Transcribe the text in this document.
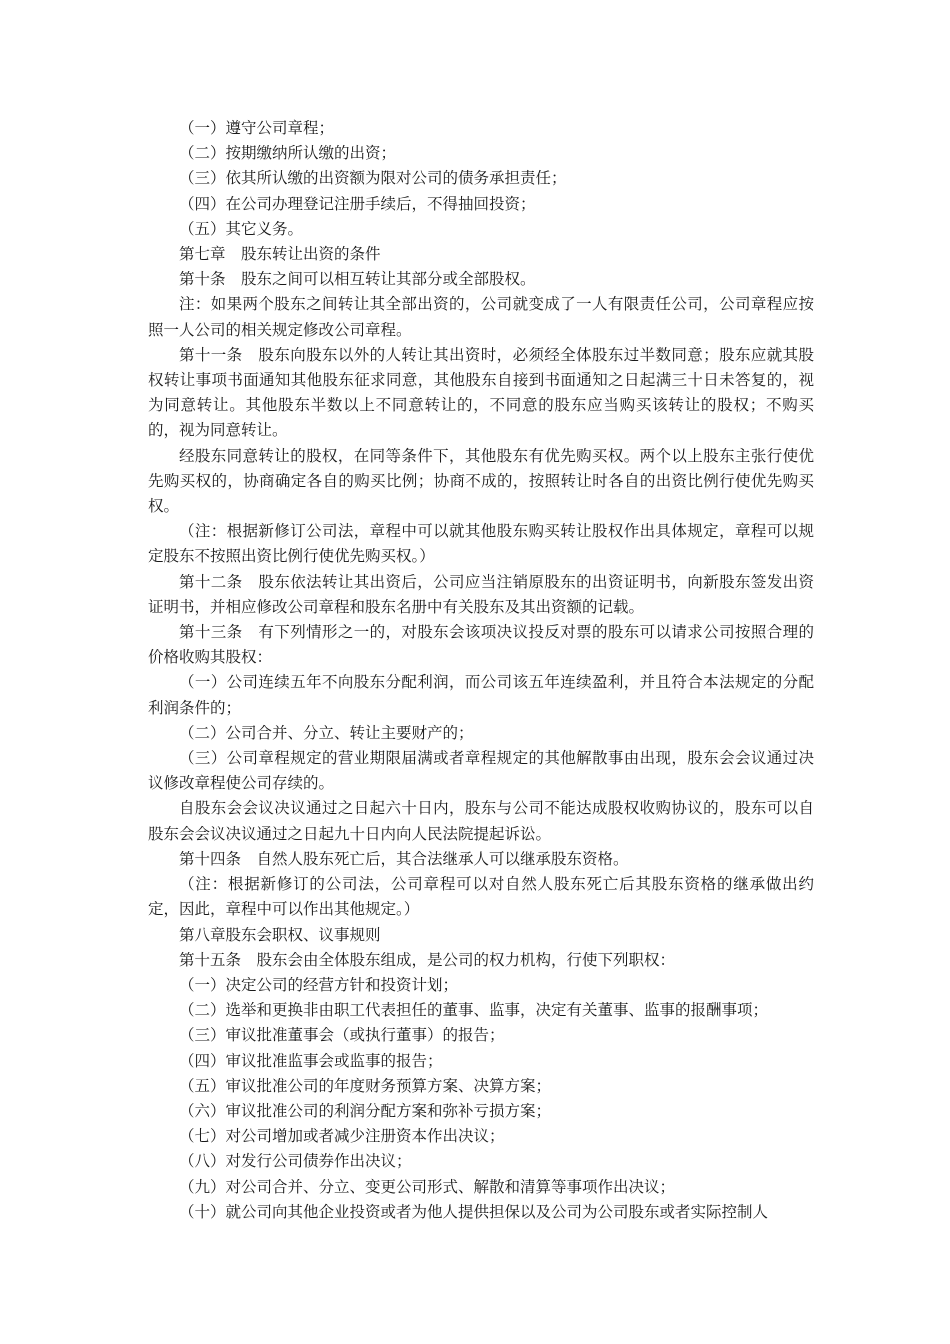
（一）遵守公司章程；

（二）按期缴纳所认缴的出资；

（三）依其所认缴的出资额为限对公司的债务承担责任；

（四）在公司办理登记注册手续后，不得抽回投资；

（五）其它义务。

第七章　股东转让出资的条件

第十条　股东之间可以相互转让其部分或全部股权。

注：如果两个股东之间转让其全部出资的，公司就变成了一人有限责任公司，公司章程应按照一人公司的相关规定修改公司章程。

第十一条　股东向股东以外的人转让其出资时，必须经全体股东过半数同意；股东应就其股权转让事项书面通知其他股东征求同意，其他股东自接到书面通知之日起满三十日未答复的，视为同意转让。其他股东半数以上不同意转让的，不同意的股东应当购买该转让的股权；不购买的，视为同意转让。

经股东同意转让的股权，在同等条件下，其他股东有优先购买权。两个以上股东主张行使优先购买权的，协商确定各自的购买比例；协商不成的，按照转让时各自的出资比例行使优先购买权。

（注：根据新修订公司法，章程中可以就其他股东购买转让股权作出具体规定，章程可以规定股东不按照出资比例行使优先购买权。）

第十二条　股东依法转让其出资后，公司应当注销原股东的出资证明书，向新股东签发出资证明书，并相应修改公司章程和股东名册中有关股东及其出资额的记载。

第十三条　有下列情形之一的，对股东会该项决议投反对票的股东可以请求公司按照合理的价格收购其股权：

（一）公司连续五年不向股东分配利润，而公司该五年连续盈利，并且符合本法规定的分配利润条件的；

（二）公司合并、分立、转让主要财产的；

（三）公司章程规定的营业期限届满或者章程规定的其他解散事由出现，股东会会议通过决议修改章程使公司存续的。

自股东会会议决议通过之日起六十日内，股东与公司不能达成股权收购协议的，股东可以自股东会会议决议通过之日起九十日内向人民法院提起诉讼。

第十四条　自然人股东死亡后，其合法继承人可以继承股东资格。

（注：根据新修订的公司法，公司章程可以对自然人股东死亡后其股东资格的继承做出约定，因此，章程中可以作出其他规定。）

第八章股东会职权、议事规则

第十五条　股东会由全体股东组成，是公司的权力机构，行使下列职权：

（一）决定公司的经营方针和投资计划；

（二）选举和更换非由职工代表担任的董事、监事，决定有关董事、监事的报酬事项；

（三）审议批准董事会（或执行董事）的报告；

（四）审议批准监事会或监事的报告；

（五）审议批准公司的年度财务预算方案、决算方案；

（六）审议批准公司的利润分配方案和弥补亏损方案；

（七）对公司增加或者减少注册资本作出决议；

（八）对发行公司债券作出决议；

（九）对公司合并、分立、变更公司形式、解散和清算等事项作出决议；

（十）就公司向其他企业投资或者为他人提供担保以及公司为公司股东或者实际控制人
